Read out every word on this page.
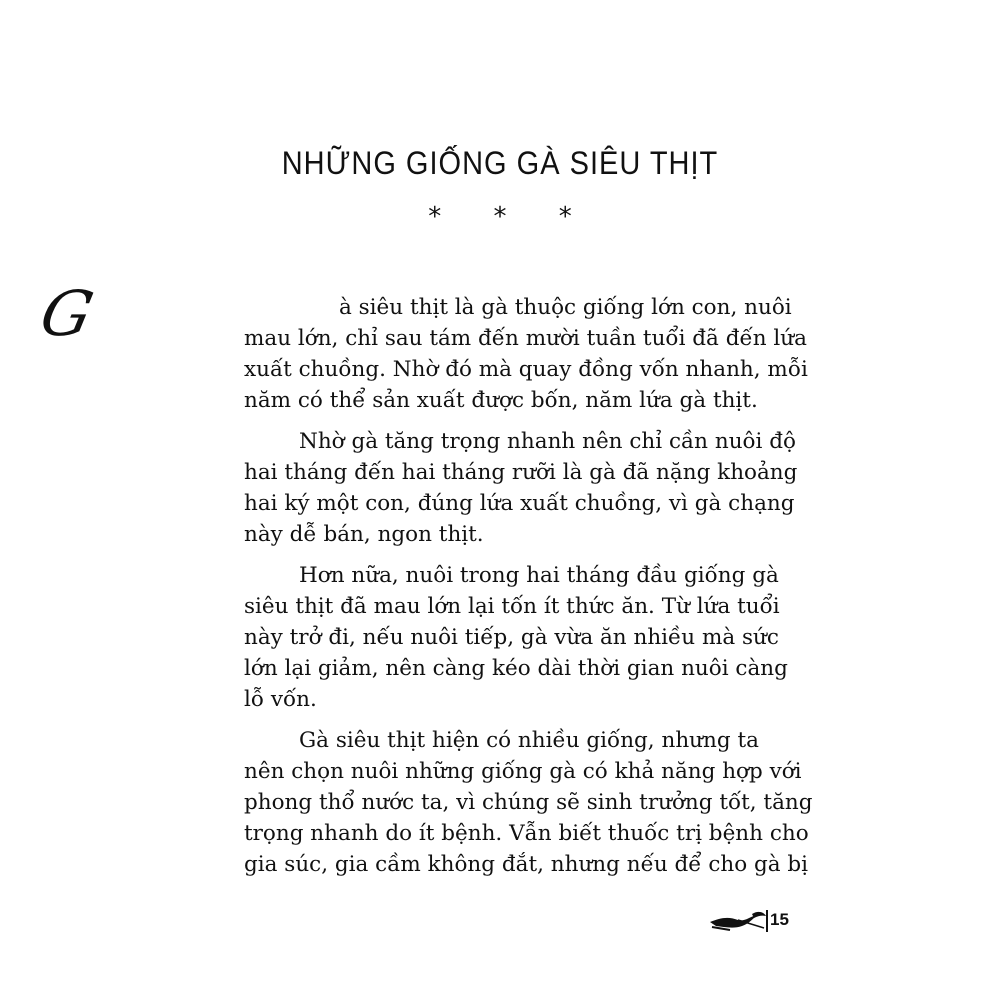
NHỮNG GIỐNG GÀ SIÊU THỊT
* * *
G	à siêu thịt là gà thuộc giống lớn con, nuôi
mau lớn, chỉ sau tám đến mười tuần tuổi đã đến lứa
xuất chuồng. Nhờ đó mà quay đồng vốn nhanh, mỗi
năm có thể sản xuất được bốn, năm lứa gà thịt.

Nhờ gà tăng trọng nhanh nên chỉ cần nuôi độ
hai tháng đến hai tháng rưỡi là gà đã nặng khoảng
hai ký một con, đúng lứa xuất chuồng, vì gà chạng
này dễ bán, ngon thịt.

Hơn nữa, nuôi trong hai tháng đầu giống gà
siêu thịt đã mau lớn lại tốn ít thức ăn. Từ lứa tuổi
này trở đi, nếu nuôi tiếp, gà vừa ăn nhiều mà sức
lớn lại giảm, nên càng kéo dài thời gian nuôi càng
lỗ vốn.

Gà siêu thịt hiện có nhiều giống, nhưng ta
nên chọn nuôi những giống gà có khả năng hợp với
phong thổ nước ta, vì chúng sẽ sinh trưởng tốt, tăng
trọng nhanh do ít bệnh. Vẫn biết thuốc trị bệnh cho
gia súc, gia cầm không đắt, nhưng nếu để cho gà bị

15
